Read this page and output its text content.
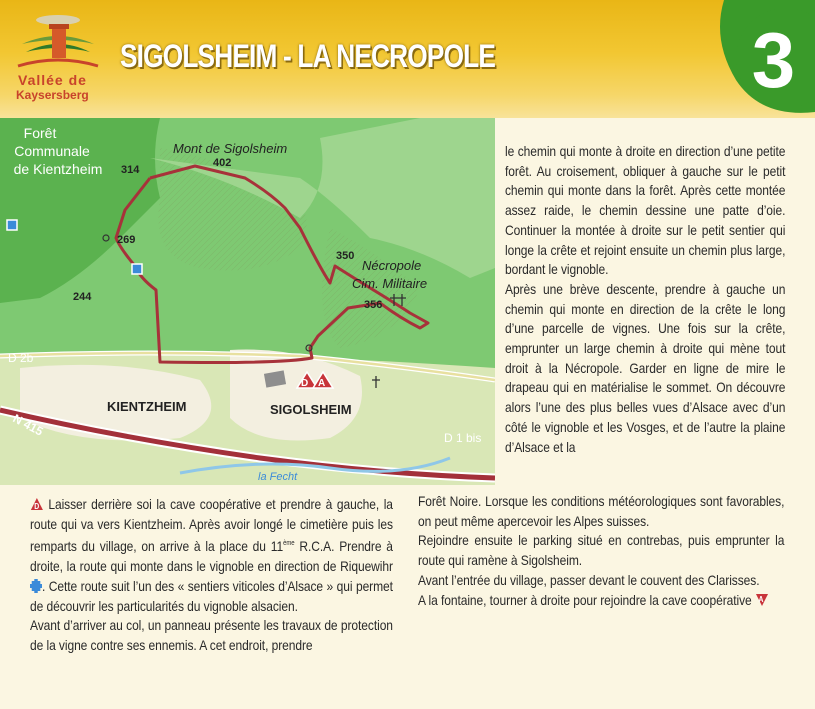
Vallée de
Kaysersberg
SIGOLSHEIM - LA NECROPOLE	3
Forêt
Communale
de Kientzheim
Mont de Sigolsheim
Nécropole
Cim. Militaire
314
402
269
350
244
356
KIENTZHEIM	SIGOLSHEIM
D 2b
D 1 bis
N 415
la Fecht
D A

le chemin qui monte à droite en direction d’une petite forêt. Au croisement, obliquer à gauche sur le petit chemin qui monte dans la forêt. Après cette montée assez raide, le chemin dessine une patte d’oie. Continuer la montée à droite sur le petit sentier qui longe la crête et rejoint ensuite un chemin plus large, bordant le vignoble.

Après une brève descente, prendre à gauche un chemin qui monte en direction de la crête le long d’une parcelle de vignes. Une fois sur la crête, emprunter un large chemin à droite qui mène tout droit à la Nécropole. Garder en ligne de mire le drapeau qui en matérialise le sommet. On découvre alors l’une des plus belles vues d’Alsace avec d’un côté le vignoble et les Vosges, et de l’autre la plaine d’Alsace et la

D Laisser derrière soi la cave coopérative et prendre à gauche, la route qui va vers Kientzheim. Après avoir longé le cimetière puis les remparts du village, on arrive à la place du 11ème R.C.A. Prendre à droite, la route qui monte dans le vignoble en direction de Riquewihr . Cette route suit l’un des « sentiers viticoles d’Alsace » qui permet de découvrir les particularités du vignoble alsacien.

Avant d’arriver au col, un panneau présente les travaux de protection de la vigne contre ses ennemis. A cet endroit, prendre

Forêt Noire. Lorsque les conditions météorologiques sont favorables, on peut même apercevoir les Alpes suisses.

Rejoindre ensuite le parking situé en contrebas, puis emprunter la route qui ramène à Sigolsheim.

Avant l’entrée du village, passer devant le couvent des Clarisses.

A la fontaine, tourner à droite pour rejoindre la cave coopérative A
